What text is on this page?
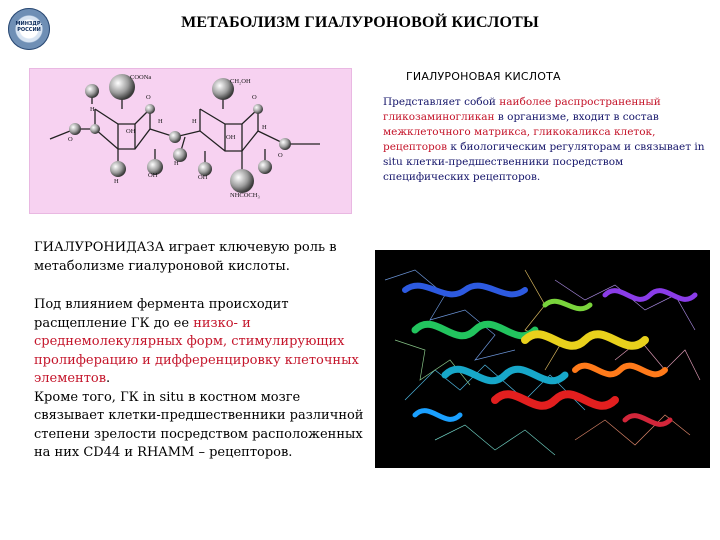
МИНЗДР. РОССИИ	МЕТАБОЛИЗМ ГИАЛУРОНОВОЙ КИСЛОТЫ
COONa
CH₂OH
NHCOCH₃
OH
OH
OH
OH
O	O
O
O
H
H	H
H
H
H
ГИАЛУРОНОВАЯ КИСЛОТА
Представляет собой наиболее распространенный гликозаминогликан в организме, входит в состав межклеточного матрикса, гликокаликса клеток, рецепторов к биологическим регуляторам и связывает in situ клетки-предшественники посредством специфических рецепторов.
ГИАЛУРОНИДАЗА играет ключевую роль в метаболизме гиалуроновой кислоты.
Под влиянием фермента происходит расщепление ГК до ее низко- и среднемолекулярных форм, стимулирующих пролиферацию и дифференцировку клеточных элементов.
Кроме того, ГК in situ в костном мозге связывает клетки-предшественники различной степени зрелости посредством расположенных на них CD44 и RHAMM – рецепторов.
